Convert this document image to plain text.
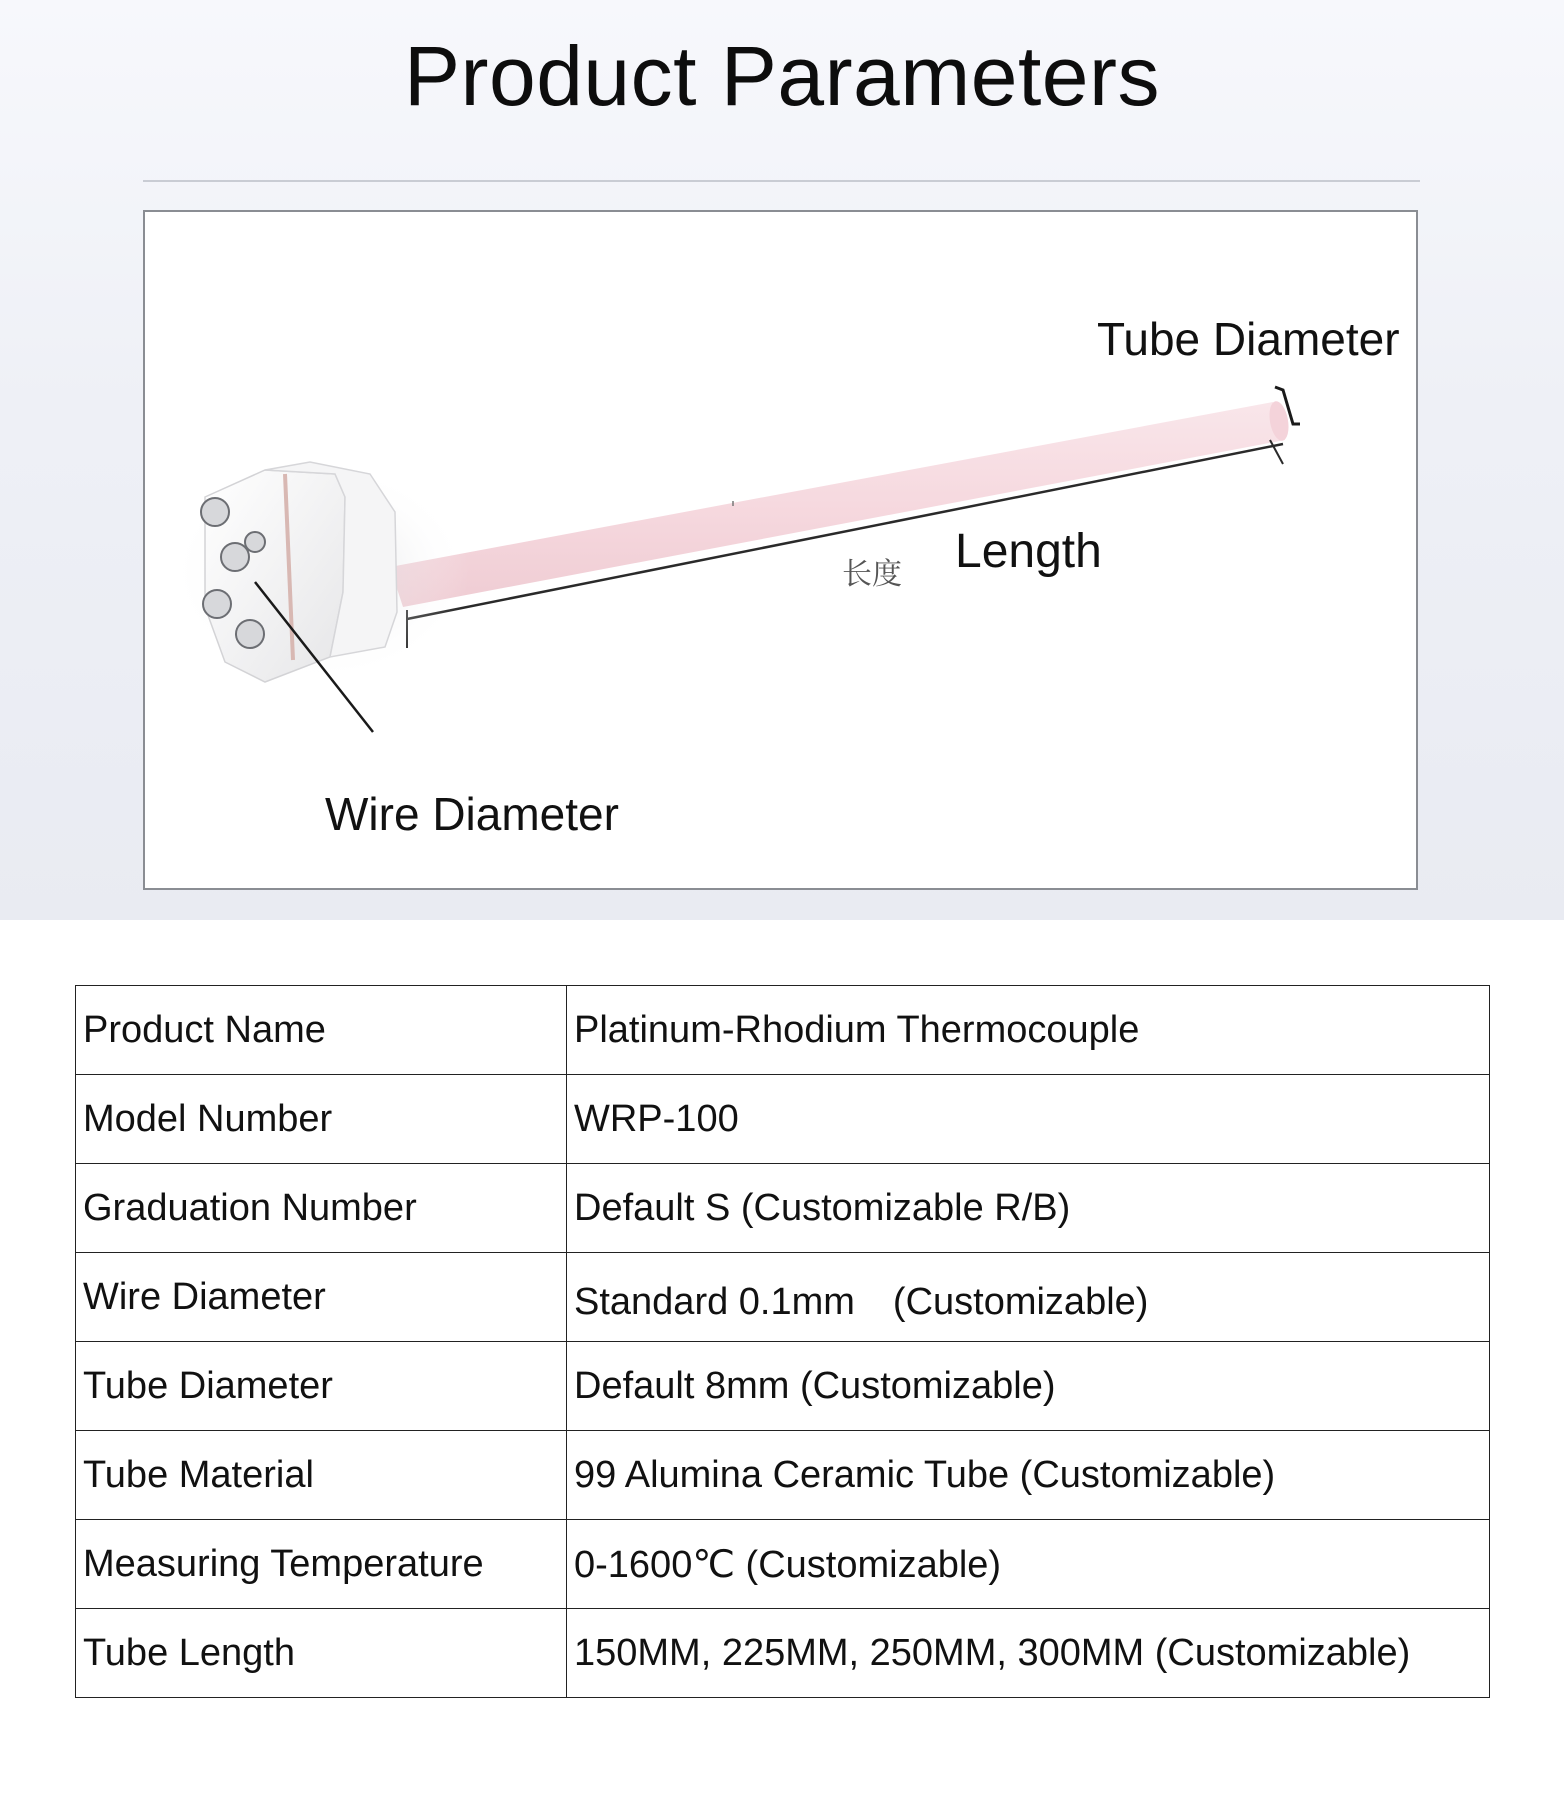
Product Parameters
Tube Diameter
Length
长度
Wire Diameter
Product Name	Platinum-Rhodium Thermocouple
Model Number	WRP-100
Graduation Number	Default S (Customizable R/B)
Wire Diameter	Standard 0.1mm　(Customizable)
Tube Diameter	Default 8mm (Customizable)
Tube Material	99 Alumina Ceramic Tube (Customizable)
Measuring Temperature	0-1600℃ (Customizable)
Tube Length	150MM, 225MM, 250MM, 300MM (Customizable)
